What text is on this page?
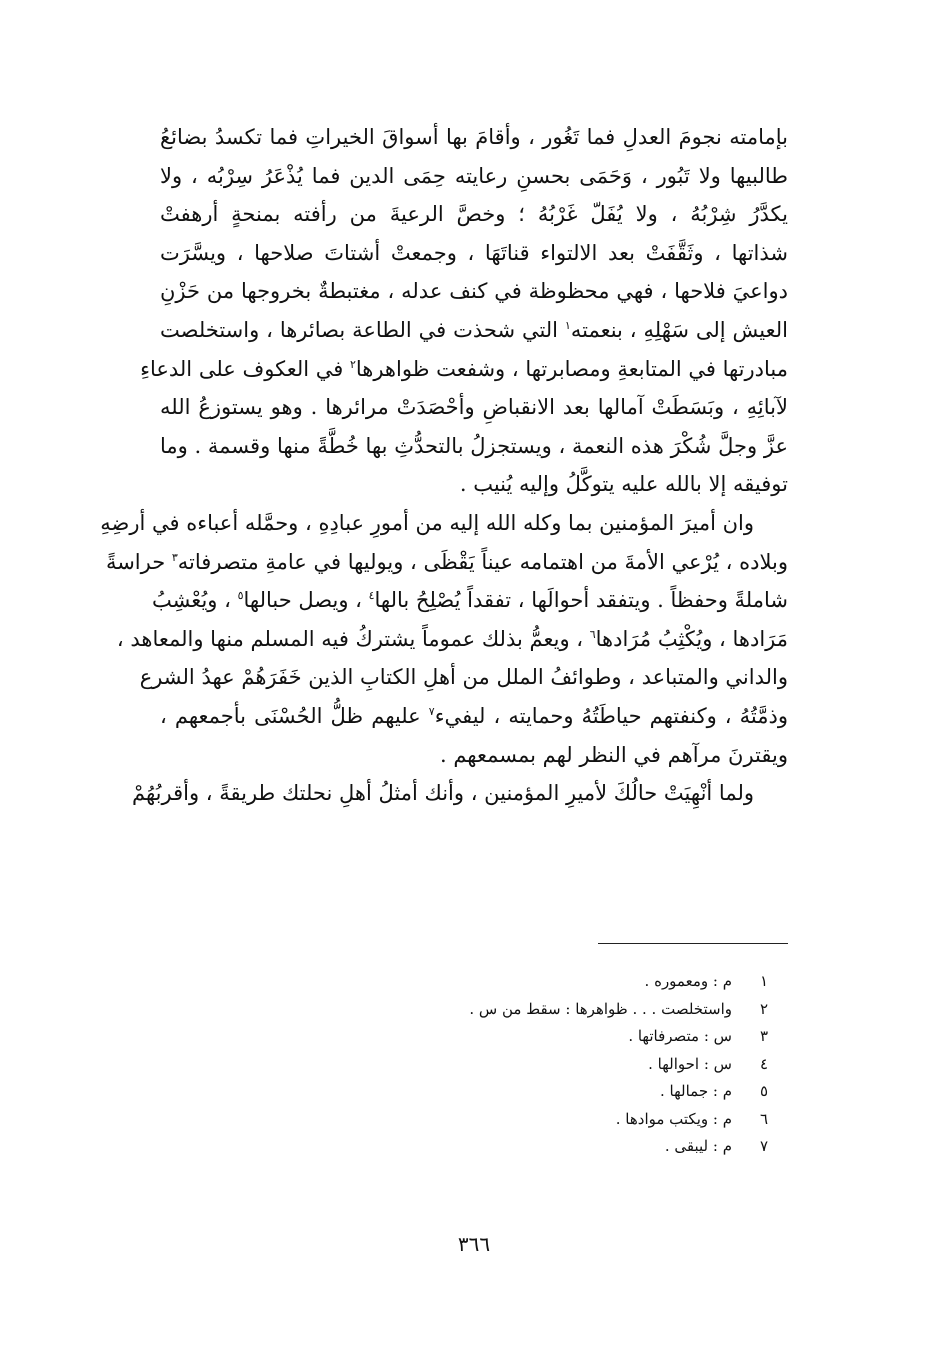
بإمامته نجومَ العدلِ فما تَغُور ، وأقامَ بها أسواقَ الخيراتِ فما تكسدُ بضائعُ
طالبيها ولا تَبُور ، وَحَمَى بحسنِ رعايته حِمَى الدين فما يُذْعَرُ سِرْبُه ، ولا
يكدَّرُ شِرْبُهُ ، ولا يُفَلّ غَرْبُهُ ؛ وخصَّ الرعيةَ من رأفته بمنحةٍ أرهفتْ
شذاتها ، وثَقَّفَتْ بعد الالتواء قناتَهَا ، وجمعتْ أشتاتَ صلاحها ، ويسَّرَت
دواعيَ فلاحها ، فهي محظوظة في كنف عدله ، مغتبطةٌ بخروجها من حَزْنِ
العيش إلى سَهْلِهِ ، بنعمته$^١$ التي شحذت في الطاعة بصائرها ، واستخلصت
مبادرتها في المتابعةِ ومصابرتها ، وشفعت ظواهرها$^٢$ في العكوف على الدعاءِ
لآبائِهِ ، وبَسَطَتْ آمالها بعد الانقباضِ وأحْصَدَتْ مرائرها . وهو يستوزعُ الله
عزَّ وجلَّ شُكْرَ هذه النعمة ، ويستجزلُ بالتحدُّثِ بها خُطَّةً منها وقسمة . وما
توفيقه إلا بالله عليه يتوكَّلُ وإليه يُنيب .
وان أميرَ المؤمنين بما وكله الله إليه من أمورِ عبادِهِ ، وحمَّله أعباءه في أرضِهِ
وبلاده ، يُرْعي الأمةَ من اهتمامه عيناً يَقْظَى ، ويوليها في عامةِ متصرفاته$^٣$ حراسةً
شاملةً وحفظاً . ويتفقد أحوالَها ، تفقداً يُصْلِحُ بالها$^٤$ ، ويصل حبالها$^٥$ ، ويُعْشِبُ
مَرَادها ، ويُكْثِبُ مُرَادها$^٦$ ، ويعمُّ بذلك عموماً يشتركُ فيه المسلم منها والمعاهد ،
والداني والمتباعد ، وطوائفُ الملل من أهلِ الكتابِ الذين خَفَرَهُمْ عهدُ الشرع
وذمَّتُهُ ، وكنفتهم حياطَتُهُ وحمايته ، ليفيء$^٧$ عليهم ظلُّ الحُسْنَى بأجمعهم ،
ويقترنَ مرآهم في النظر لهم بمسمعهم .
ولما أنْهِيَتْ حالُكَ لأميرِ المؤمنين ، وأنك أمثلُ أهلِ نحلتك طريقةً ، وأقربُهُمْ
١
م : ومعموره .
٢
واستخلصت . . . ظواهرها : سقط من س .
٣
س : متصرفاتها .
٤
س : احوالها .
٥
م : جمالها .
٦
م : ويكتب موادها .
٧
م : ليبقى .
٣٦٦
